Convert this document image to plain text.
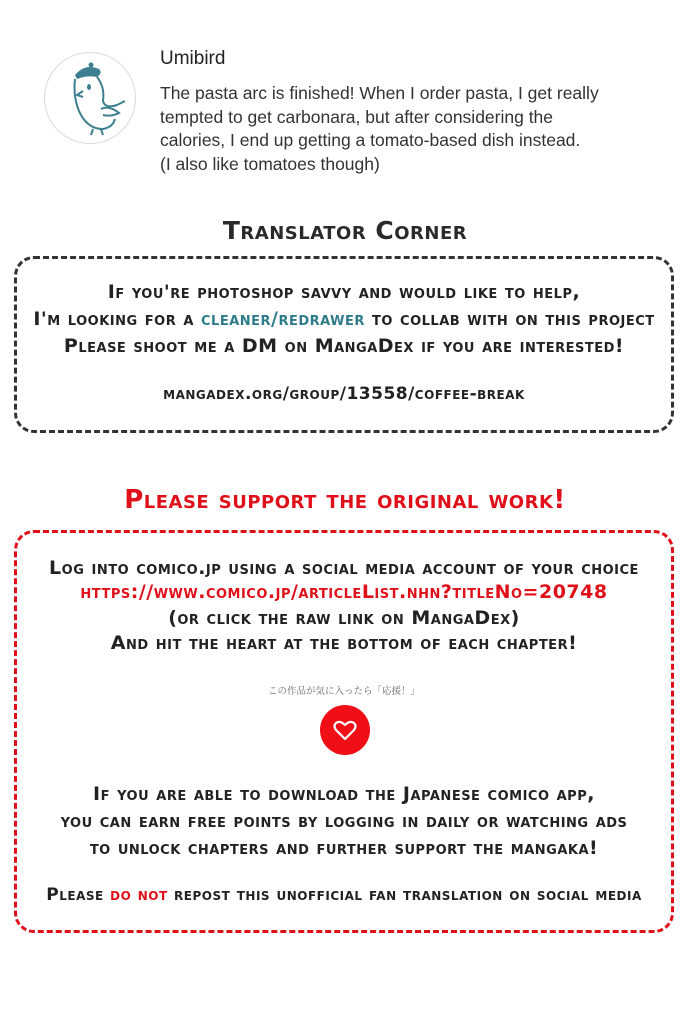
Umibird
The pasta arc is finished! When I order pasta, I get really
tempted to get carbonara, but after considering the
calories, I end up getting a tomato-based dish instead.
(I also like tomatoes though)
Translator Corner
If you're photoshop savvy and would like to help,
I'm looking for a cleaner/redrawer to collab with on this project
Please shoot me a DM on MangaDex if you are interested!
mangadex.org/group/13558/coffee-break
Please support the original work!
Log into comico.jp using a social media account of your choice
https://www.comico.jp/articleList.nhn?titleNo=20748
(or click the raw link on MangaDex)
And hit the heart at the bottom of each chapter!
この作品が気に入ったら「応援！」
If you are able to download the Japanese comico app,
you can earn free points by logging in daily or watching ads
to unlock chapters and further support the mangaka!
Please do not repost this unofficial fan translation on social media
